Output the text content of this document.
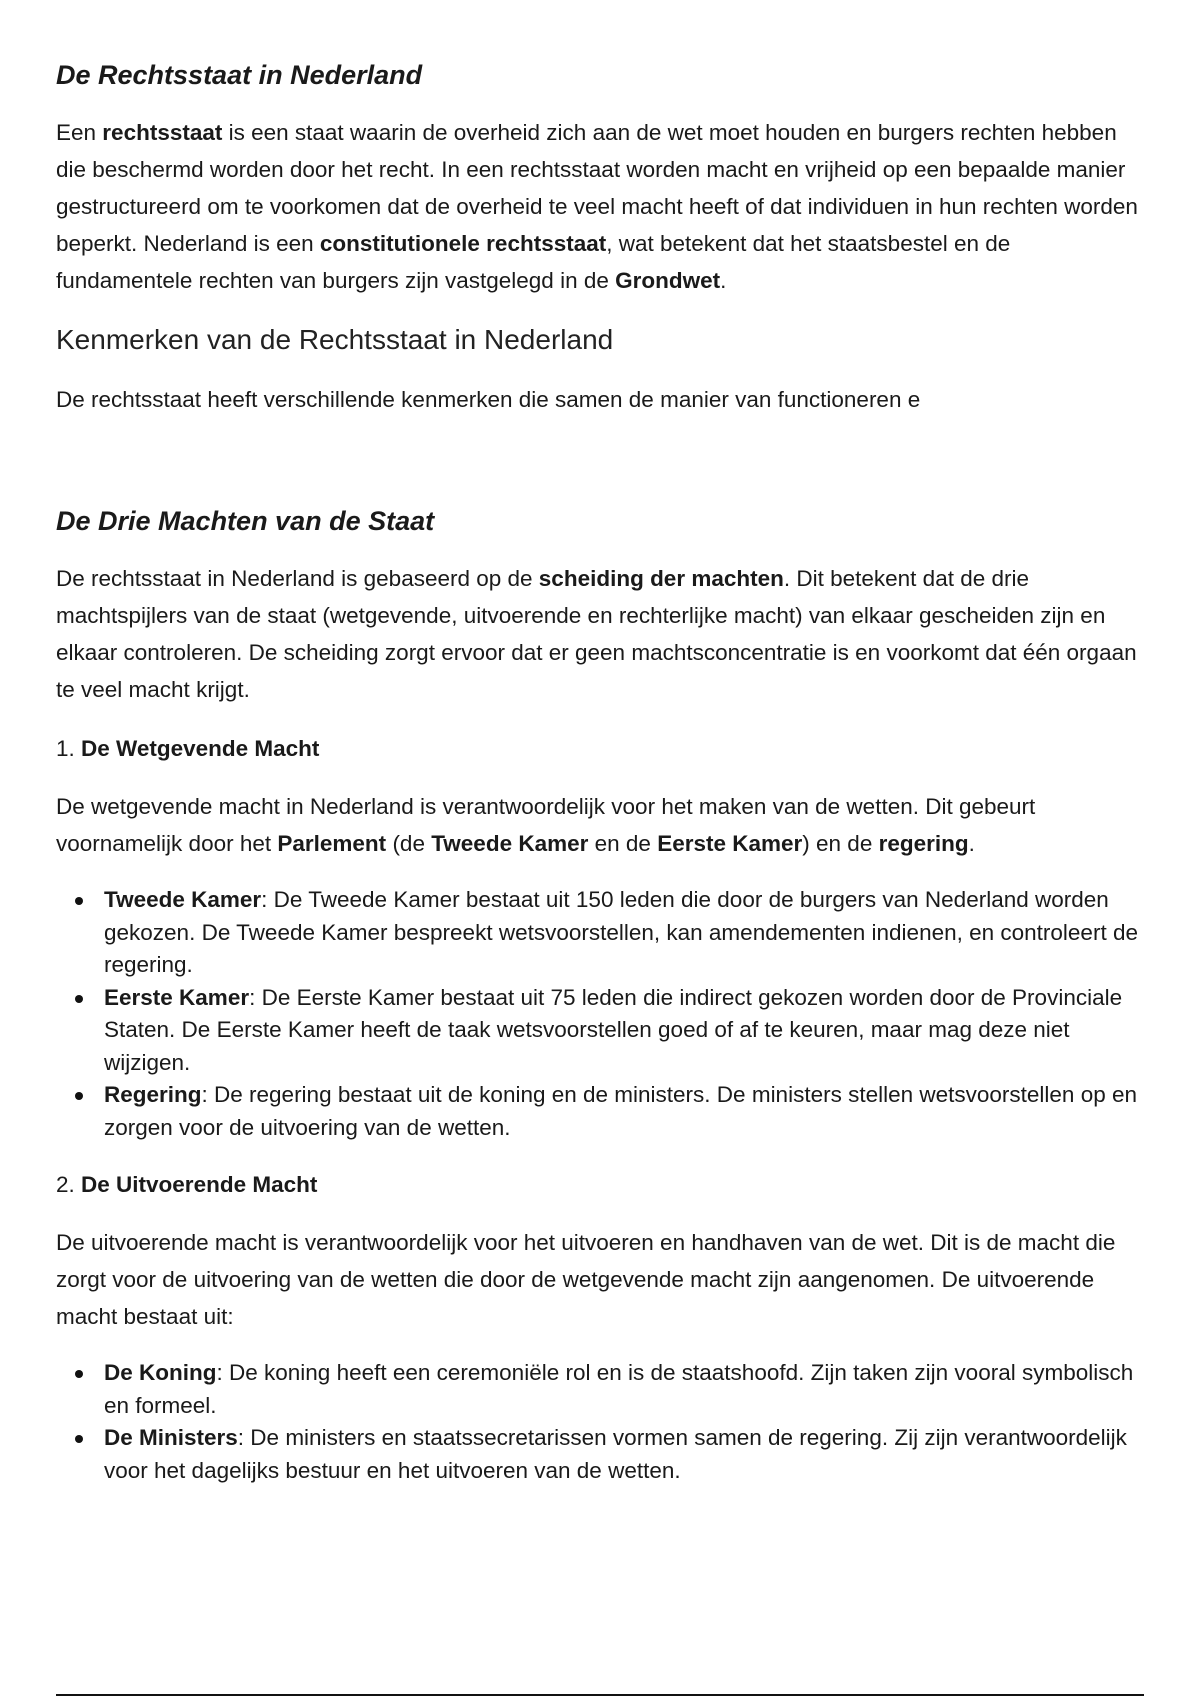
De Rechtsstaat in Nederland

Een rechtsstaat is een staat waarin de overheid zich aan de wet moet houden en burgers rechten hebben die beschermd worden door het recht. In een rechtsstaat worden macht en vrijheid op een bepaalde manier gestructureerd om te voorkomen dat de overheid te veel macht heeft of dat individuen in hun rechten worden beperkt. Nederland is een constitutionele rechtsstaat, wat betekent dat het staatsbestel en de fundamentele rechten van burgers zijn vastgelegd in de Grondwet.

Kenmerken van de Rechtsstaat in Nederland

De rechtsstaat heeft verschillende kenmerken die samen de manier van functioneren e

De Drie Machten van de Staat

De rechtsstaat in Nederland is gebaseerd op de scheiding der machten. Dit betekent dat de drie machtspijlers van de staat (wetgevende, uitvoerende en rechterlijke macht) van elkaar gescheiden zijn en elkaar controleren. De scheiding zorgt ervoor dat er geen machtsconcentratie is en voorkomt dat één orgaan te veel macht krijgt.

1. De Wetgevende Macht

De wetgevende macht in Nederland is verantwoordelijk voor het maken van de wetten. Dit gebeurt voornamelijk door het Parlement (de Tweede Kamer en de Eerste Kamer) en de regering.

Tweede Kamer: De Tweede Kamer bestaat uit 150 leden die door de burgers van Nederland worden gekozen. De Tweede Kamer bespreekt wetsvoorstellen, kan amendementen indienen, en controleert de regering.
Eerste Kamer: De Eerste Kamer bestaat uit 75 leden die indirect gekozen worden door de Provinciale Staten. De Eerste Kamer heeft de taak wetsvoorstellen goed of af te keuren, maar mag deze niet wijzigen.
Regering: De regering bestaat uit de koning en de ministers. De ministers stellen wetsvoorstellen op en zorgen voor de uitvoering van de wetten.
2. De Uitvoerende Macht

De uitvoerende macht is verantwoordelijk voor het uitvoeren en handhaven van de wet. Dit is de macht die zorgt voor de uitvoering van de wetten die door de wetgevende macht zijn aangenomen. De uitvoerende macht bestaat uit:

De Koning: De koning heeft een ceremoniële rol en is de staatshoofd. Zijn taken zijn vooral symbolisch en formeel.
De Ministers: De ministers en staatssecretarissen vormen samen de regering. Zij zijn verantwoordelijk voor het dagelijks bestuur en het uitvoeren van de wetten.
